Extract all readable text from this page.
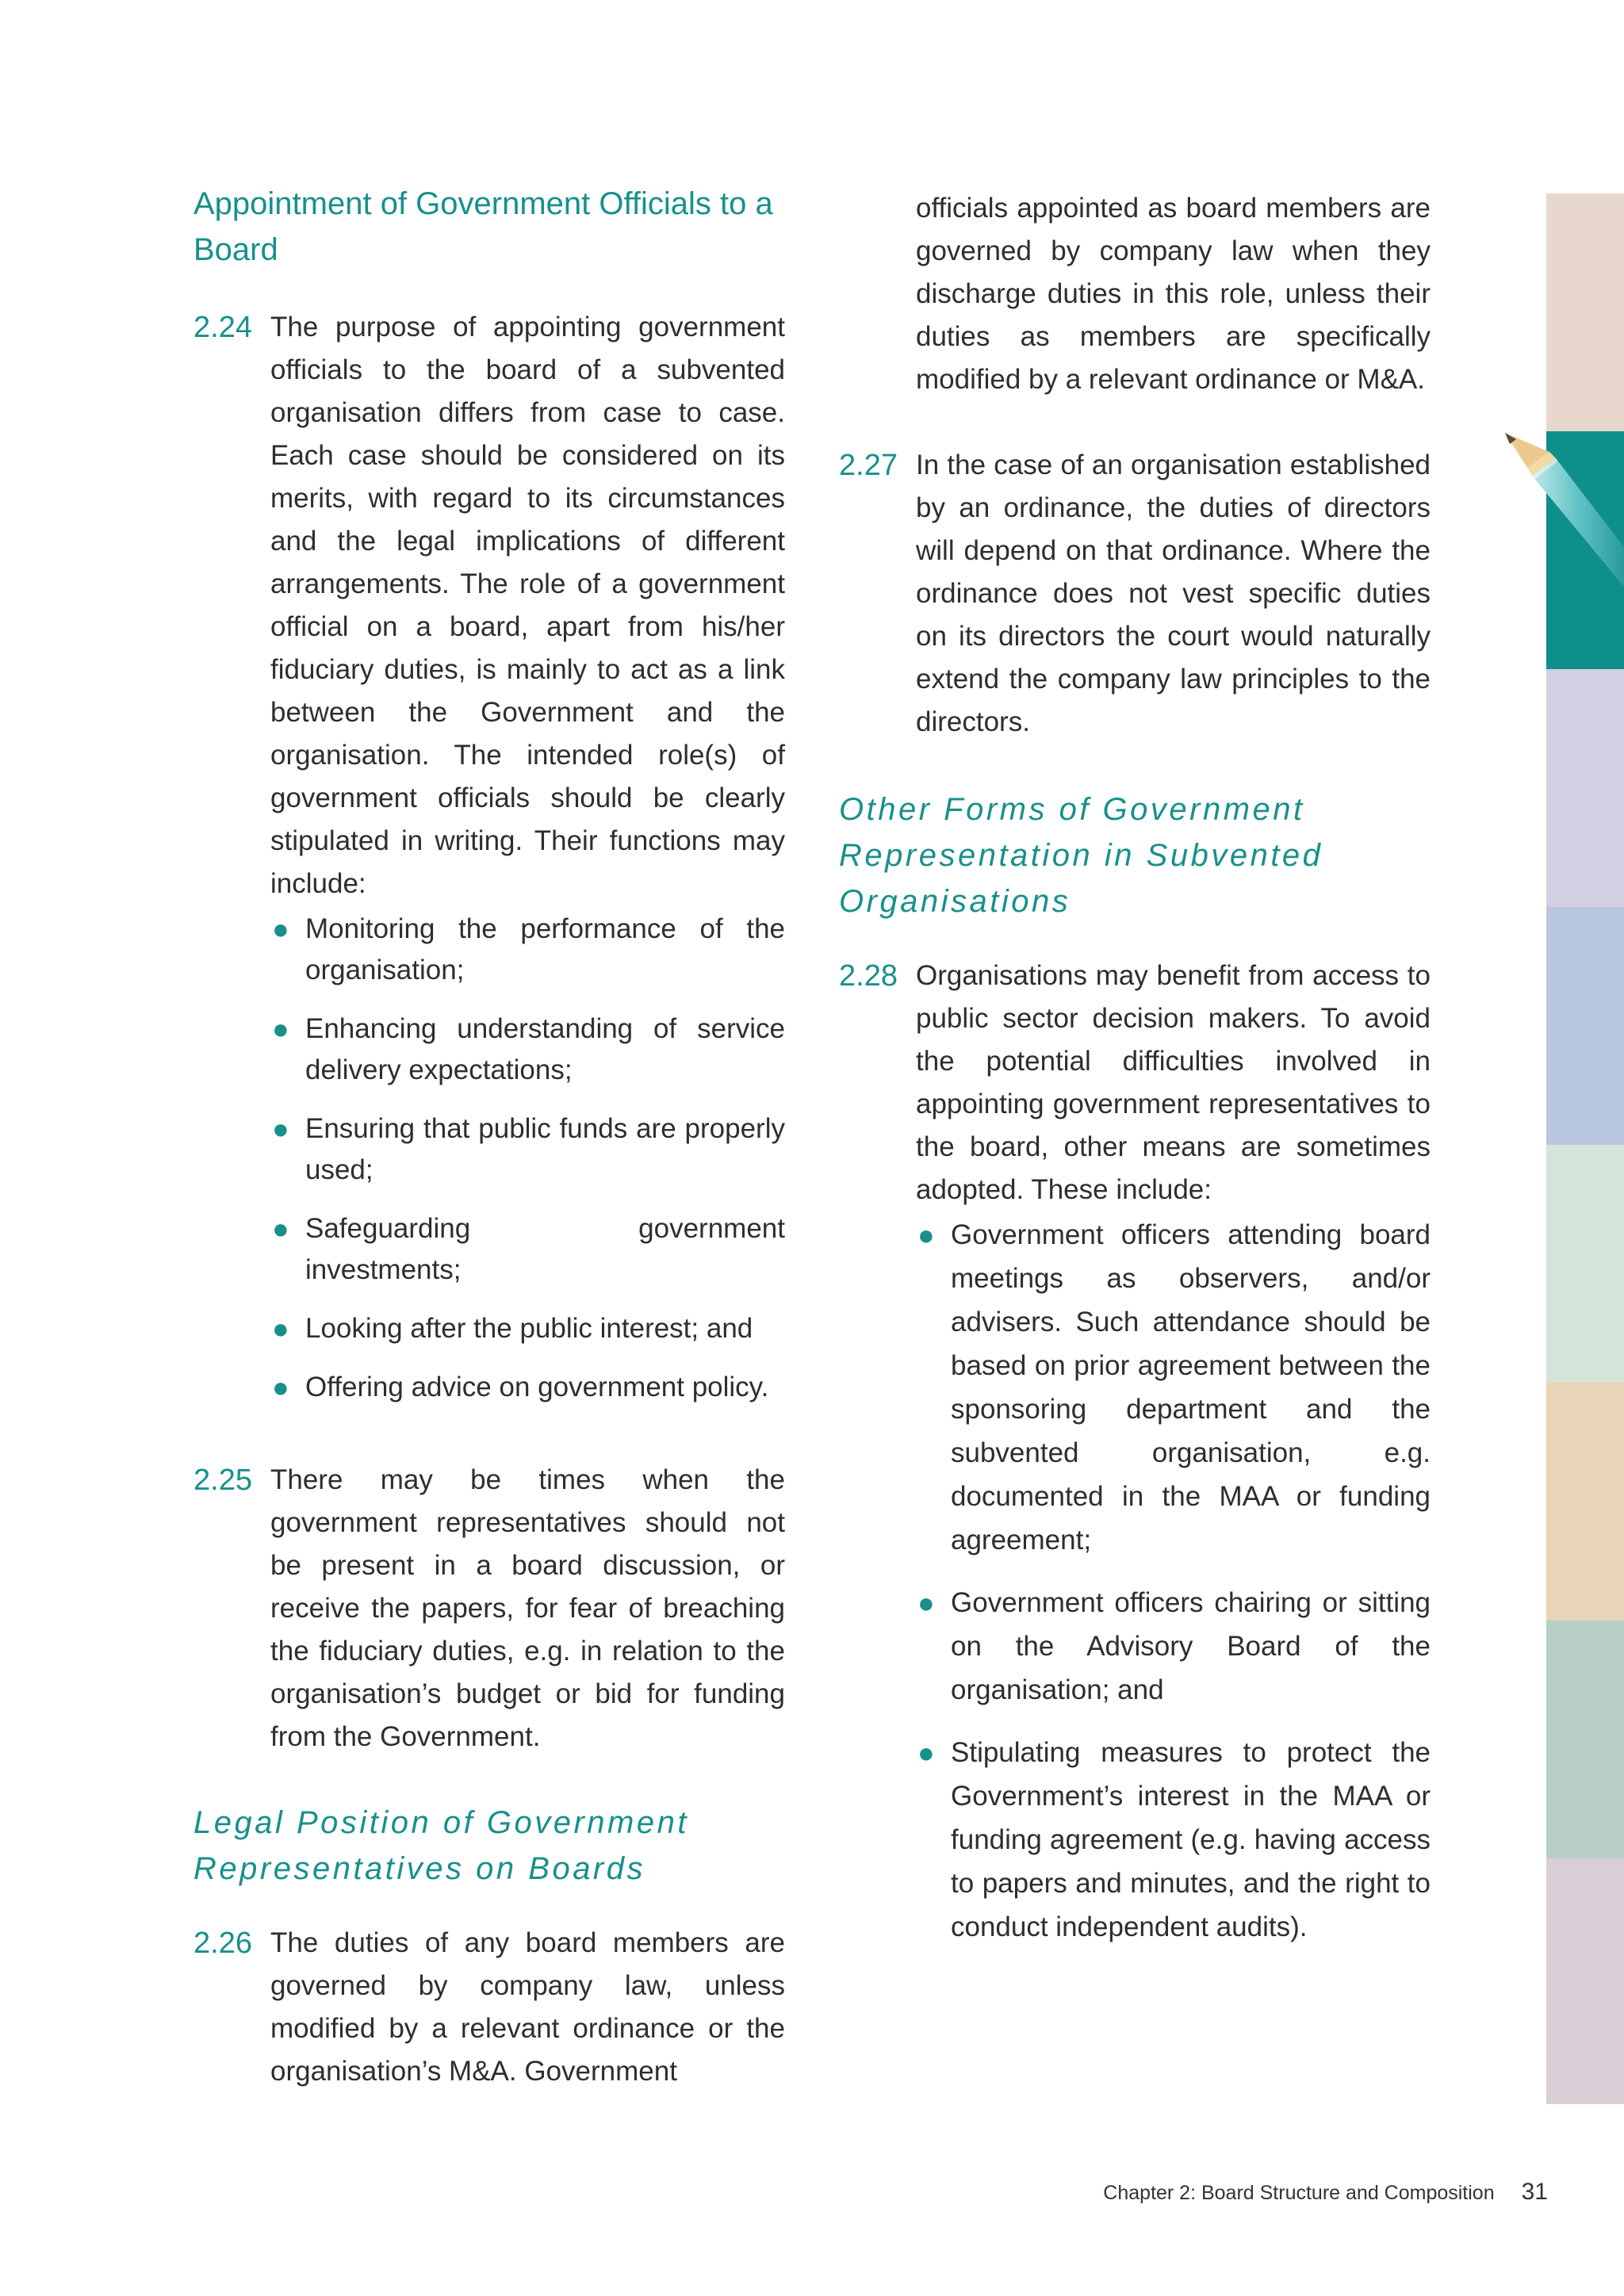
Appointment of Government Officials to a Board
2.24 The purpose of appointing government officials to the board of a subvented organisation differs from case to case. Each case should be considered on its merits, with regard to its circumstances and the legal implications of different arrangements. The role of a government official on a board, apart from his/her fiduciary duties, is mainly to act as a link between the Government and the organisation. The intended role(s) of government officials should be clearly stipulated in writing. Their functions may include:

● Monitoring the performance of the organisation;
● Enhancing understanding of service delivery expectations;
● Ensuring that public funds are properly used;
● Safeguarding government investments;
● Looking after the public interest; and
● Offering advice on government policy.
2.25 There may be times when the government representatives should not be present in a board discussion, or receive the papers, for fear of breaching the fiduciary duties, e.g. in relation to the organisation’s budget or bid for funding from the Government.

Legal Position of Government Representatives on Boards
2.26 The duties of any board members are governed by company law, unless modified by a relevant ordinance or the organisation’s M&A. Government

officials appointed as board members are governed by company law when they discharge duties in this role, unless their duties as members are specifically modified by a relevant ordinance or M&A.

2.27 In the case of an organisation established by an ordinance, the duties of directors will depend on that ordinance. Where the ordinance does not vest specific duties on its directors the court would naturally extend the company law principles to the directors.

Other Forms of Government Representation in Subvented Organisations
2.28 Organisations may benefit from access to public sector decision makers. To avoid the potential difficulties involved in appointing government representatives to the board, other means are sometimes adopted. These include:

● Government officers attending board meetings as observers, and/or advisers. Such attendance should be based on prior agreement between the sponsoring department and the subvented organisation, e.g. documented in the MAA or funding agreement;
● Government officers chairing or sitting on the Advisory Board of the organisation; and
● Stipulating measures to protect the Government’s interest in the MAA or funding agreement (e.g. having access to papers and minutes, and the right to conduct independent audits).
Chapter 2: Board Structure and Composition 31
